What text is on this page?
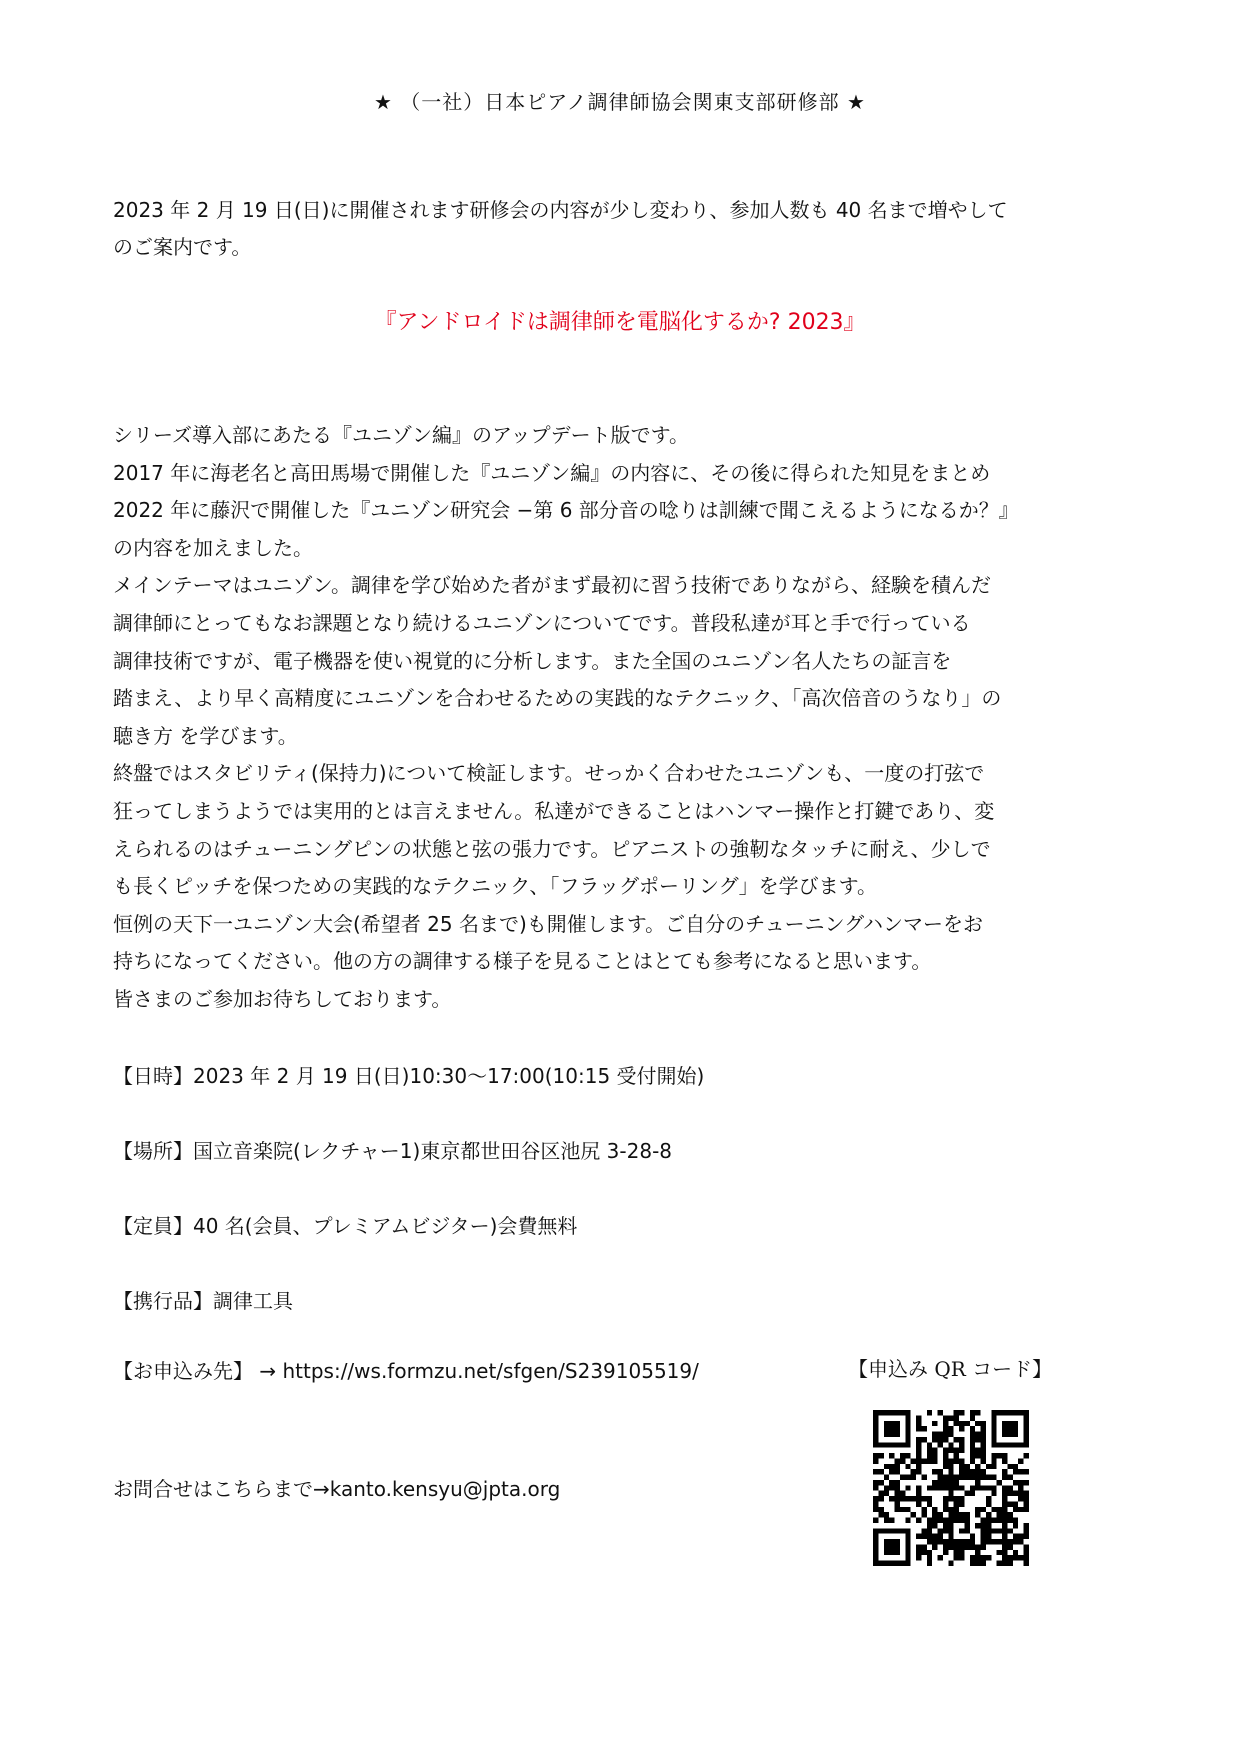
★ （一社）日本ピアノ調律師協会関東支部研修部 ★

2023 年 2 月 19 日(日)に開催されます研修会の内容が少し変わり、参加人数も 40 名まで増やして

のご案内です。

『アンドロイドは調律師を電脳化するか? 2023』

シリーズ導入部にあたる『ユニゾン編』のアップデート版です。

2017 年に海老名と高田馬場で開催した『ユニゾン編』の内容に、その後に得られた知見をまとめ

2022 年に藤沢で開催した『ユニゾン研究会 −第 6 部分音の唸りは訓練で聞こえるようになるか？』

の内容を加えました。

メインテーマはユニゾン。調律を学び始めた者がまず最初に習う技術でありながら、経験を積んだ

調律師にとってもなお課題となり続けるユニゾンについてです。普段私達が耳と手で行っている

調律技術ですが、電子機器を使い視覚的に分析します。また全国のユニゾン名人たちの証言を

踏まえ、より早く高精度にユニゾンを合わせるための実践的なテクニック、「高次倍音のうなり」の

聴き方 を学びます。

終盤ではスタビリティ(保持力)について検証します。せっかく合わせたユニゾンも、一度の打弦で

狂ってしまうようでは実用的とは言えません。私達ができることはハンマー操作と打鍵であり、変

えられるのはチューニングピンの状態と弦の張力です。ピアニストの強靭なタッチに耐え、少しで

も長くピッチを保つための実践的なテクニック、「フラッグポーリング」を学びます。

恒例の天下一ユニゾン大会(希望者 25 名まで)も開催します。ご自分のチューニングハンマーをお

持ちになってください。他の方の調律する様子を見ることはとても参考になると思います。

皆さまのご参加お待ちしております。

【日時】2023 年 2 月 19 日(日)10:30～17:00(10:15 受付開始)
【場所】国立音楽院(レクチャー1)東京都世田谷区池尻 3-28-8
【定員】40 名(会員、プレミアムビジター)会費無料
【携行品】調律工具
【お申込み先】 → https://ws.formzu.net/sfgen/S239105519/
お問合せはこちらまで→kanto.kensyu@jpta.org
【申込み QR コード】
